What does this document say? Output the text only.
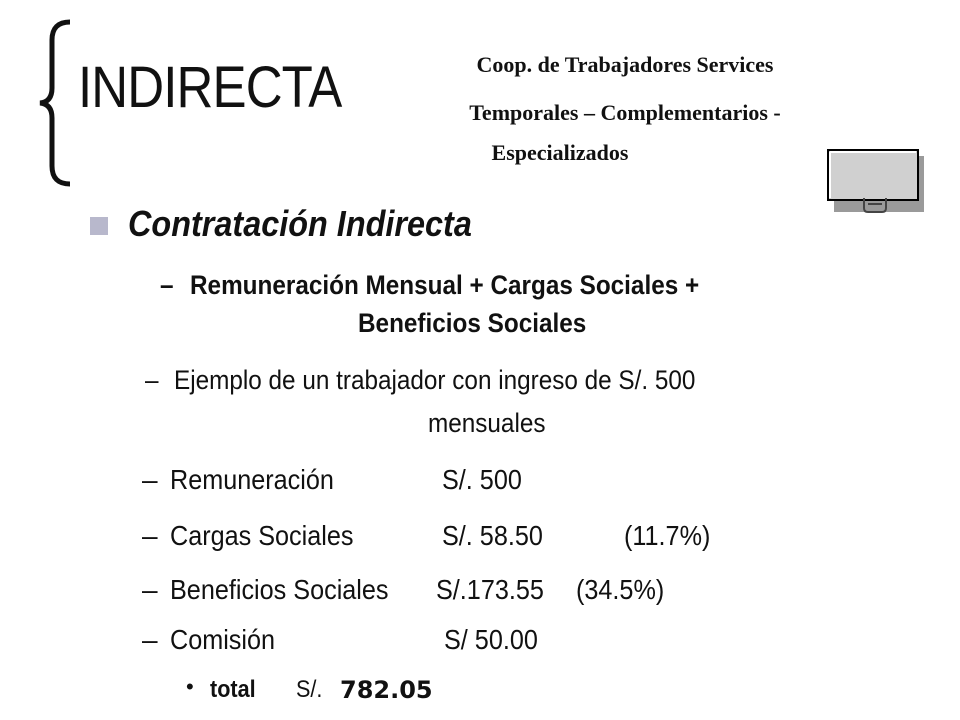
INDIRECTA	Coop. de Trabajadores Services
Temporales – Complementarios -
Especializados
Contratación Indirecta
– Remuneración Mensual + Cargas Sociales +
Beneficios Sociales
– Ejemplo de un trabajador con ingreso de S/. 500
mensuales
– Remuneración	S/. 500
– Cargas Sociales	S/. 58.50	(11.7%)
– Beneficios Sociales S/.173.55 (34.5%)
– Comisión	S/ 50.00
• total S/. 782.05
